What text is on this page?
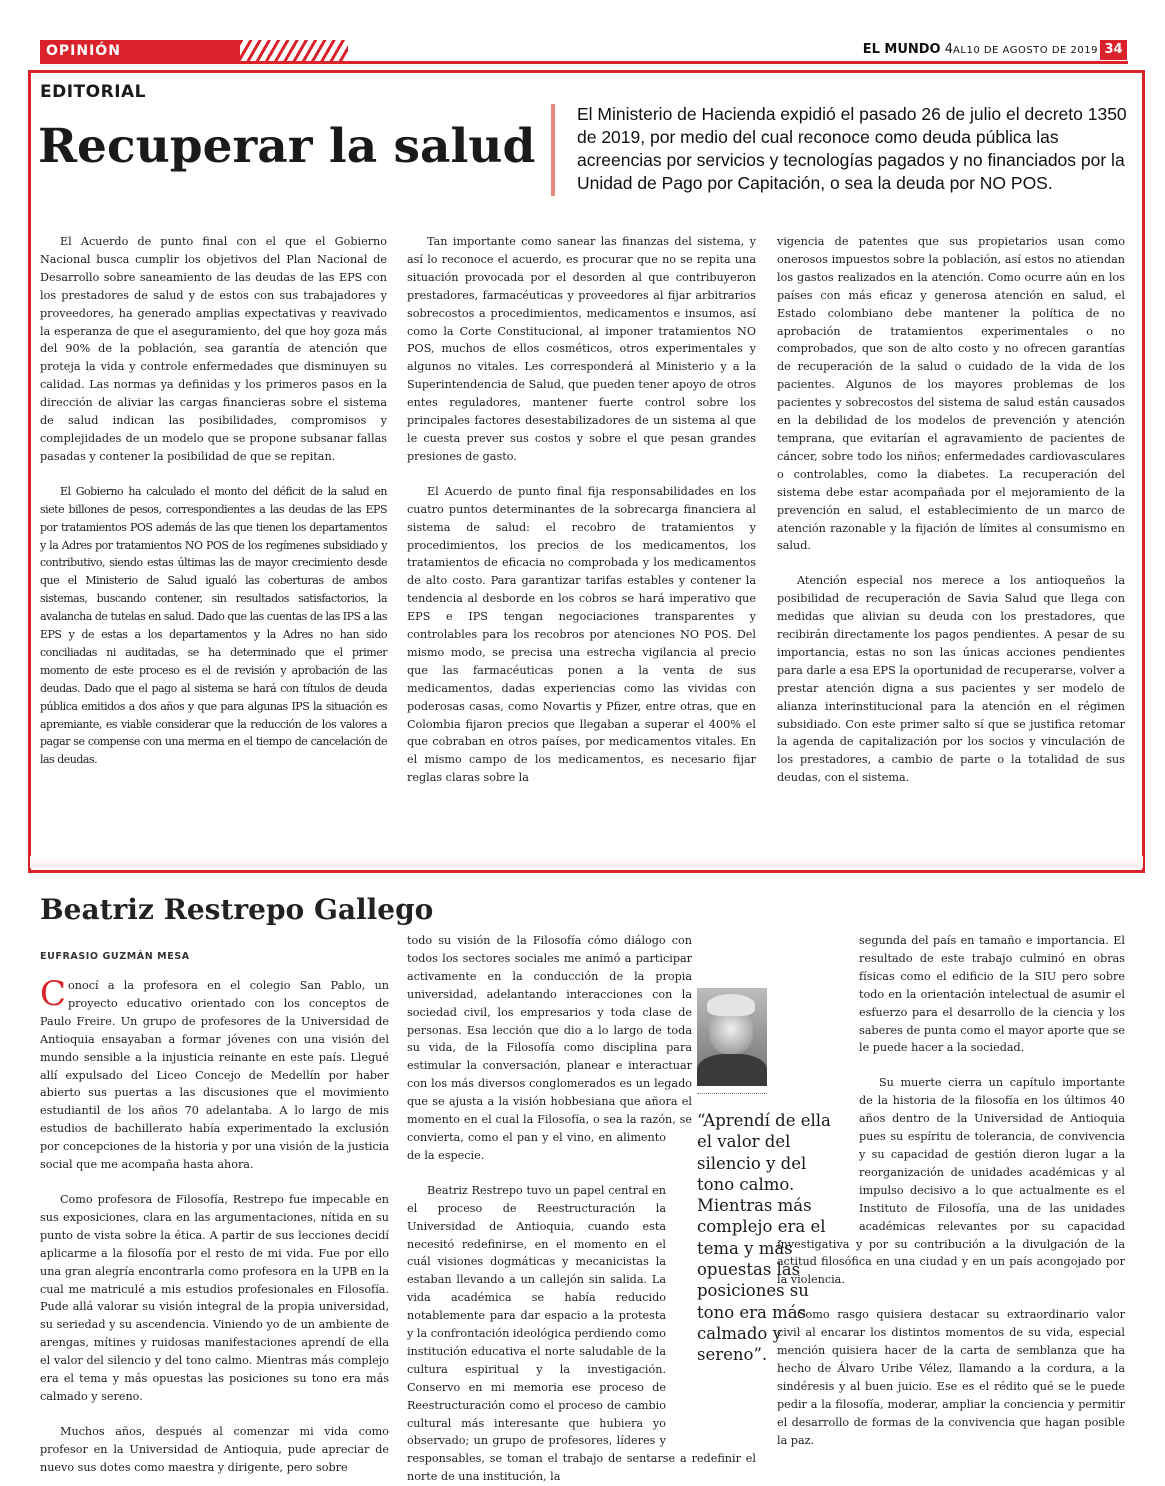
OPINIÓN	EL MUNDO 4AL10 DE AGOSTO DE 2019 34
EDITORIAL
Recuperar la salud
El Ministerio de Hacienda expidió el pasado 26 de julio el decreto 1350 de 2019, por medio del cual reconoce como deuda pública las acreencias por servicios y tecnologías pagados y no financiados por la Unidad de Pago por Capitación, o sea la deuda por NO POS.

El Acuerdo de punto final con el que el Gobierno Nacional busca cumplir los objetivos del Plan Nacional de Desarrollo sobre saneamiento de las deudas de las EPS con los prestadores de salud y de estos con sus trabajadores y proveedores, ha generado amplias expectativas y reavivado la esperanza de que el aseguramiento, del que hoy goza más del 90% de la población, sea garantía de atención que proteja la vida y controle enfermedades que disminuyen su calidad. Las normas ya definidas y los primeros pasos en la dirección de aliviar las cargas financieras sobre el sistema de salud indican las posibilidades, compromisos y complejidades de un modelo que se propone subsanar fallas pasadas y contener la posibilidad de que se repitan.

El Gobierno ha calculado el monto del déficit de la salud en siete billones de pesos, correspondientes a las deudas de las EPS por tratamientos POS además de las que tienen los departamentos y la Adres por tratamientos NO POS de los regímenes subsidiado y contributivo, siendo estas últimas las de mayor crecimiento desde que el Ministerio de Salud igualó las coberturas de ambos sistemas, buscando contener, sin resultados satisfactorios, la avalancha de tutelas en salud. Dado que las cuentas de las IPS a las EPS y de estas a los departamentos y la Adres no han sido conciliadas ni auditadas, se ha determinado que el primer momento de este proceso es el de revisión y aprobación de las deudas. Dado que el pago al sistema se hará con títulos de deuda pública emitidos a dos años y que para algunas IPS la situación es apremiante, es viable considerar que la reducción de los valores a pagar se compense con una merma en el tiempo de cancelación de las deudas.

Tan importante como sanear las finanzas del sistema, y así lo reconoce el acuerdo, es procurar que no se repita una situación provocada por el desorden al que contribuyeron prestadores, farmacéuticas y proveedores al fijar arbitrarios sobrecostos a procedimientos, medicamentos e insumos, así como la Corte Constitucional, al imponer tratamientos NO POS, muchos de ellos cosméticos, otros experimentales y algunos no vitales. Les corresponderá al Ministerio y a la Superintendencia de Salud, que pueden tener apoyo de otros entes reguladores, mantener fuerte control sobre los principales factores desestabilizadores de un sistema al que le cuesta prever sus costos y sobre el que pesan grandes presiones de gasto.

El Acuerdo de punto final fija responsabilidades en los cuatro puntos determinantes de la sobrecarga financiera al sistema de salud: el recobro de tratamientos y procedimientos, los precios de los medicamentos, los tratamientos de eficacia no comprobada y los medicamentos de alto costo. Para garantizar tarifas estables y contener la tendencia al desborde en los cobros se hará imperativo que EPS e IPS tengan negociaciones transparentes y controlables para los recobros por atenciones NO POS. Del mismo modo, se precisa una estrecha vigilancia al precio que las farmacéuticas ponen a la venta de sus medicamentos, dadas experiencias como las vividas con poderosas casas, como Novartis y Pfizer, entre otras, que en Colombia fijaron precios que llegaban a superar el 400% el que cobraban en otros países, por medicamentos vitales. En el mismo campo de los medicamentos, es necesario fijar reglas claras sobre la

vigencia de patentes que sus propietarios usan como onerosos impuestos sobre la población, así estos no atiendan los gastos realizados en la atención. Como ocurre aún en los países con más eficaz y generosa atención en salud, el Estado colombiano debe mantener la política de no aprobación de tratamientos experimentales o no comprobados, que son de alto costo y no ofrecen garantías de recuperación de la salud o cuidado de la vida de los pacientes. Algunos de los mayores problemas de los pacientes y sobrecostos del sistema de salud están causados en la debilidad de los modelos de prevención y atención temprana, que evitarían el agravamiento de pacientes de cáncer, sobre todo los niños; enfermedades cardiovasculares o controlables, como la diabetes. La recuperación del sistema debe estar acompañada por el mejoramiento de la prevención en salud, el establecimiento de un marco de atención razonable y la fijación de límites al consumismo en salud.

Atención especial nos merece a los antioqueños la posibilidad de recuperación de Savia Salud que llega con medidas que alivian su deuda con los prestadores, que recibirán directamente los pagos pendientes. A pesar de su importancia, estas no son las únicas acciones pendientes para darle a esa EPS la oportunidad de recuperarse, volver a prestar atención digna a sus pacientes y ser modelo de alianza interinstitucional para la atención en el régimen subsidiado. Con este primer salto sí que se justifica retomar la agenda de capitalización por los socios y vinculación de los prestadores, a cambio de parte o la totalidad de sus deudas, con el sistema.

Beatriz Restrepo Gallego
EUFRASIO GUZMÁN MESA

Conocí a la profesora en el colegio San Pablo, un proyecto educativo orientado con los conceptos de Paulo Freire. Un grupo de profesores de la Universidad de Antioquia ensayaban a formar jóvenes con una visión del mundo sensible a la injusticia reinante en este país. Llegué allí expulsado del Liceo Concejo de Medellín por haber abierto sus puertas a las discusiones que el movimiento estudiantil de los años 70 adelantaba. A lo largo de mis estudios de bachillerato había experimentado la exclusión por concepciones de la historia y por una visión de la justicia social que me acompaña hasta ahora.

Como profesora de Filosofía, Restrepo fue impecable en sus exposiciones, clara en las argumentaciones, nítida en su punto de vista sobre la ética. A partir de sus lecciones decidí aplicarme a la filosofía por el resto de mi vida. Fue por ello una gran alegría encontrarla como profesora en la UPB en la cual me matriculé a mis estudios profesionales en Filosofía. Pude allá valorar su visión integral de la propia universidad, su seriedad y su ascendencia. Viniendo yo de un ambiente de arengas, mítines y ruidosas manifestaciones aprendí de ella el valor del silencio y del tono calmo. Mientras más complejo era el tema y más opuestas las posiciones su tono era más calmado y sereno.

Muchos años, después al comenzar mi vida como profesor en la Universidad de Antioquia, pude apreciar de nuevo sus dotes como maestra y dirigente, pero sobre

todo su visión de la Filosofía cómo diálogo con todos los sectores sociales me animó a participar activamente en la conducción de la propia universidad, adelantando interacciones con la sociedad civil, los empresarios y toda clase de personas. Esa lección que dio a lo largo de toda su vida, de la Filosofía como disciplina para estimular la conversación, planear e interactuar con los más diversos conglomerados es un legado que se ajusta a la visión hobbesiana que añora el momento en el cual la Filosofía, o sea la razón, se convierta, como el pan y el vino, en alimento de la especie.

Beatriz Restrepo tuvo un papel central en el proceso de Reestructuración la Universidad de Antioquia, cuando esta necesitó redefinirse, en el momento en el cuál visiones dogmáticas y mecanicistas la estaban llevando a un callejón sin salida. La vida académica se había reducido notablemente para dar espacio a la protesta y la confrontación ideológica perdiendo como institución educativa el norte saludable de la cultura espiritual y la investigación. Conservo en mi memoria ese proceso de Reestructuración como el proceso de cambio cultural más interesante que hubiera yo observado; un grupo de profesores, líderes y responsables, se toman el trabajo de sentarse a redefinir el norte de una institución, la

segunda del país en tamaño e importancia. El resultado de este trabajo culminó en obras físicas como el edificio de la SIU pero sobre todo en la orientación intelectual de asumir el esfuerzo para el desarrollo de la ciencia y los saberes de punta como el mayor aporte que se le puede hacer a la sociedad.

Su muerte cierra un capítulo importante de la historia de la filosofía en los últimos 40 años dentro de la Universidad de Antioquia pues su espíritu de tolerancia, de convivencia y su capacidad de gestión dieron lugar a la reorganización de unidades académicas y al impulso decisivo a lo que actualmente es el Instituto de Filosofía, una de las unidades académicas relevantes por su capacidad investigativa y por su contribución a la divulgación de la actitud filosófica en una ciudad y en un país acongojado por la violencia.

Como rasgo quisiera destacar su extraordinario valor civil al encarar los distintos momentos de su vida, especial mención quisiera hacer de la carta de semblanza que ha hecho de Álvaro Uribe Vélez, llamando a la cordura, a la sindéresis y al buen juicio. Ese es el rédito qué se le puede pedir a la filosofía, moderar, ampliar la conciencia y permitir el desarrollo de formas de la convivencia que hagan posible la paz.

“Aprendí de ella el valor del silencio y del tono calmo. Mientras más complejo era el tema y más opuestas las posiciones su tono era más calmado y sereno”.
